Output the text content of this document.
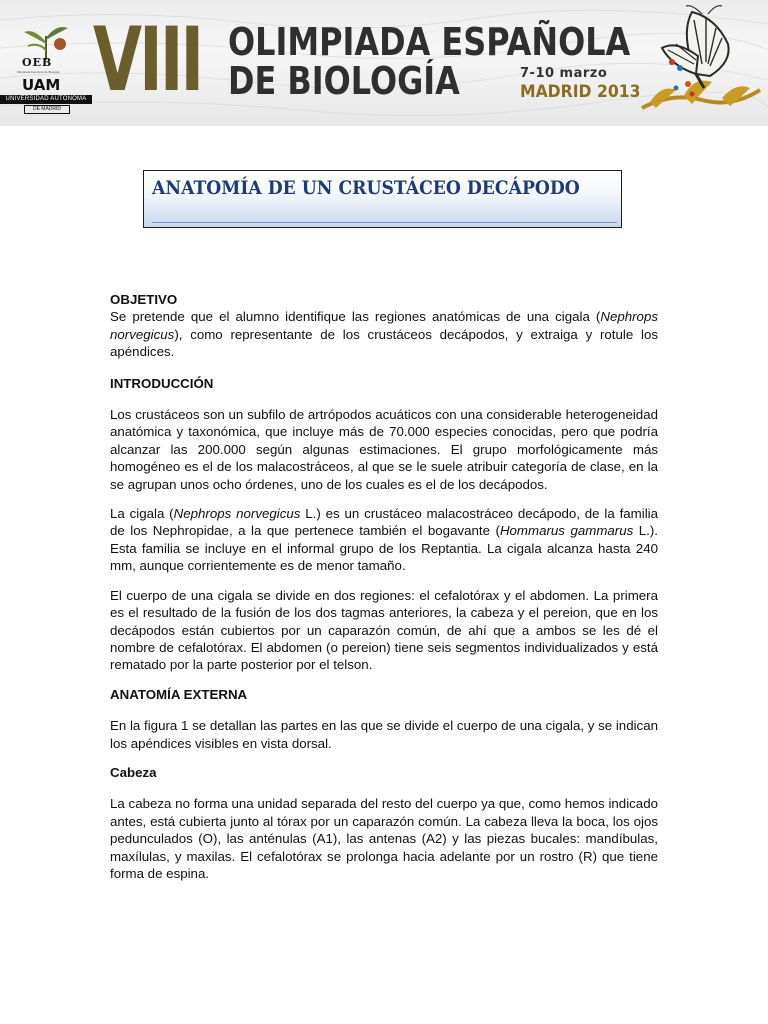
OEB
Olimpiada Española de Biología
UAM
UNIVERSIDAD AUTONOMA
DE MADRID VIII OLIMPIADA ESPAÑOLA
DE BIOLOGÍA	7-10 marzo
MADRID 2013
ANATOMÍA DE UN CRUSTÁCEO DECÁPODO
OBJETIVO

Se pretende que el alumno identifique las regiones anatómicas de una cigala (Nephrops norvegicus), como representante de los crustáceos decápodos, y extraiga y rotule los apéndices.

INTRODUCCIÓN

Los crustáceos son un subfilo de artrópodos acuáticos con una considerable heterogeneidad anatómica y taxonómica, que incluye más de 70.000 especies conocidas, pero que podría alcanzar las 200.000 según algunas estimaciones. El grupo morfológicamente más homogéneo es el de los malacostráceos, al que se le suele atribuir categoría de clase, en la se agrupan unos ocho órdenes, uno de los cuales es el de los decápodos.

La cigala (Nephrops norvegicus L.) es un crustáceo malacostráceo decápodo, de la familia de los Nephropidae, a la que pertenece también el bogavante (Hommarus gammarus L.). Esta familia se incluye en el informal grupo de los Reptantia. La cigala alcanza hasta 240 mm, aunque corrientemente es de menor tamaño.

El cuerpo de una cigala se divide en dos regiones: el cefalotórax y el abdomen. La primera es el resultado de la fusión de los dos tagmas anteriores, la cabeza y el pereion, que en los decápodos están cubiertos por un caparazón común, de ahí que a ambos se les dé el nombre de cefalotórax. El abdomen (o pereion) tiene seis segmentos individualizados y está rematado por la parte posterior por el telson.

ANATOMÍA EXTERNA

En la figura 1 se detallan las partes en las que se divide el cuerpo de una cigala, y se indican los apéndices visibles en vista dorsal.

Cabeza

La cabeza no forma una unidad separada del resto del cuerpo ya que, como hemos indicado antes, está cubierta junto al tórax por un caparazón común. La cabeza lleva la boca, los ojos pedunculados (O), las anténulas (A1), las antenas (A2) y las piezas bucales: mandíbulas, maxílulas, y maxilas. El cefalotórax se prolonga hacia adelante por un rostro (R) que tiene forma de espina.
